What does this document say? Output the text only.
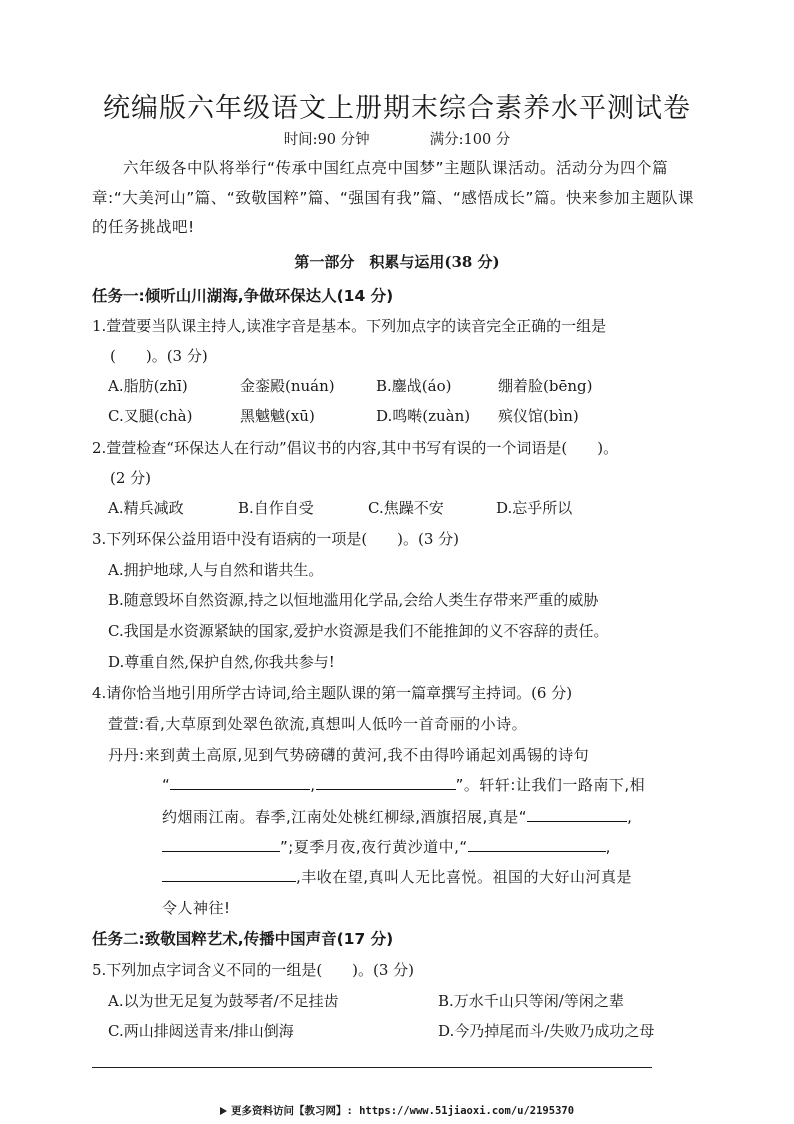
统编版六年级语文上册期末综合素养水平测试卷
时间:90 分钟	满分:100 分
六年级各中队将举行“传承中国红点亮中国梦”主题队课活动。活动分为四个篇章:“大美河山”篇、“致敬国粹”篇、“强国有我”篇、“感悟成长”篇。快来参加主题队课的任务挑战吧!
第一部分　积累与运用(38 分)
任务一:倾听山川湖海,争做环保达人(14 分)
1.萱萱要当队课主持人,读准字音是基本。下列加点字的读音完全正确的一组是
(　　)。(3 分)
A.脂肪(zhī)	金銮殿(nuán)	B.鏖战(áo)	绷着脸(bēng)
C.叉腿(chà)	黑魆魆(xū)	D.鸣啭(zuàn) 殡仪馆(bìn)
2.萱萱检查“环保达人在行动”倡议书的内容,其中书写有误的一个词语是(　　)。
(2 分)
A.精兵减政	B.自作自受	C.焦躁不安	D.忘乎所以
3.下列环保公益用语中没有语病的一项是(　　)。(3 分)
A.拥护地球,人与自然和谐共生。
B.随意毁坏自然资源,持之以恒地滥用化学品,会给人类生存带来严重的威胁
C.我国是水资源紧缺的国家,爱护水资源是我们不能推卸的义不容辞的责任。
D.尊重自然,保护自然,你我共参与!
4.请你恰当地引用所学古诗词,给主题队课的第一篇章撰写主持词。(6 分)
萱萱:看,大草原到处翠色欲流,真想叫人低吟一首奇丽的小诗。
丹丹:来到黄土高原,见到气势磅礴的黄河,我不由得吟诵起刘禹锡的诗句
“	,	”。轩轩:让我们一路南下,相
约烟雨江南。春季,江南处处桃红柳绿,酒旗招展,真是“	,
”;夏季月夜,夜行黄沙道中,“	,
,丰收在望,真叫人无比喜悦。祖国的大好山河真是
令人神往!
任务二:致敬国粹艺术,传播中国声音(17 分)
5.下列加点字词含义不同的一组是(　　)。(3 分)
A.以为世无足复为鼓琴者/不足挂齿	B.万水千山只等闲/等闲之辈
C.两山排闼送青来/排山倒海	D.今乃掉尾而斗/失败乃成功之母
更多资料访问【教习网】: https://www.51jiaoxi.com/u/2195370
